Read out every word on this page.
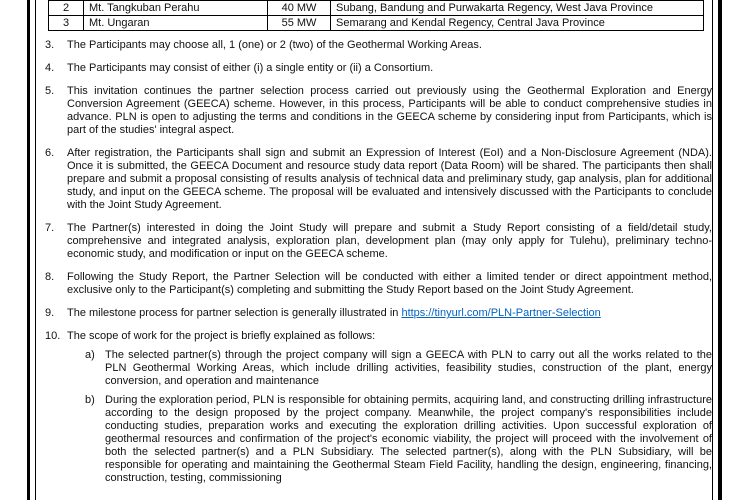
2	Mt. Tangkuban Perahu	40 MW	Subang, Bandung and Purwakarta Regency, West Java Province
3	Mt. Ungaran	55 MW	Semarang and Kendal Regency, Central Java Province
3. The Participants may choose all, 1 (one) or 2 (two) of the Geothermal Working Areas.
4. The Participants may consist of either (i) a single entity or (ii) a Consortium.
5. This invitation continues the partner selection process carried out previously using the Geothermal Exploration and Energy Conversion Agreement (GEECA) scheme. However, in this process, Participants will be able to conduct comprehensive studies in advance. PLN is open to adjusting the terms and conditions in the GEECA scheme by considering input from Participants, which is part of the studies' integral aspect.
6. After registration, the Participants shall sign and submit an Expression of Interest (EoI) and a Non-Disclosure Agreement (NDA). Once it is submitted, the GEECA Document and resource study data report (Data Room) will be shared. The participants then shall prepare and submit a proposal consisting of results analysis of technical data and preliminary study, gap analysis, plan for additional study, and input on the GEECA scheme. The proposal will be evaluated and intensively discussed with the Participants to conclude with the Joint Study Agreement.
7. The Partner(s) interested in doing the Joint Study will prepare and submit a Study Report consisting of a field/detail study, comprehensive and integrated analysis, exploration plan, development plan (may only apply for Tulehu), preliminary techno-economic study, and modification or input on the GEECA scheme.
8. Following the Study Report, the Partner Selection will be conducted with either a limited tender or direct appointment method, exclusive only to the Participant(s) completing and submitting the Study Report based on the Joint Study Agreement.
9. The milestone process for partner selection is generally illustrated in https://tinyurl.com/PLN-Partner-Selection
10. The scope of work for the project is briefly explained as follows:
a) The selected partner(s) through the project company will sign a GEECA with PLN to carry out all the works related to the PLN Geothermal Working Areas, which include drilling activities, feasibility studies, construction of the plant, energy conversion, and operation and maintenance
b) During the exploration period, PLN is responsible for obtaining permits, acquiring land, and constructing drilling infrastructure according to the design proposed by the project company. Meanwhile, the project company's responsibilities include conducting studies, preparation works and executing the exploration drilling activities. Upon successful exploration of geothermal resources and confirmation of the project's economic viability, the project will proceed with the involvement of both the selected partner(s) and a PLN Subsidiary. The selected partner(s), along with the PLN Subsidiary, will be responsible for operating and maintaining the Geothermal Steam Field Facility, handling the design, engineering, financing, construction, testing, commissioning
